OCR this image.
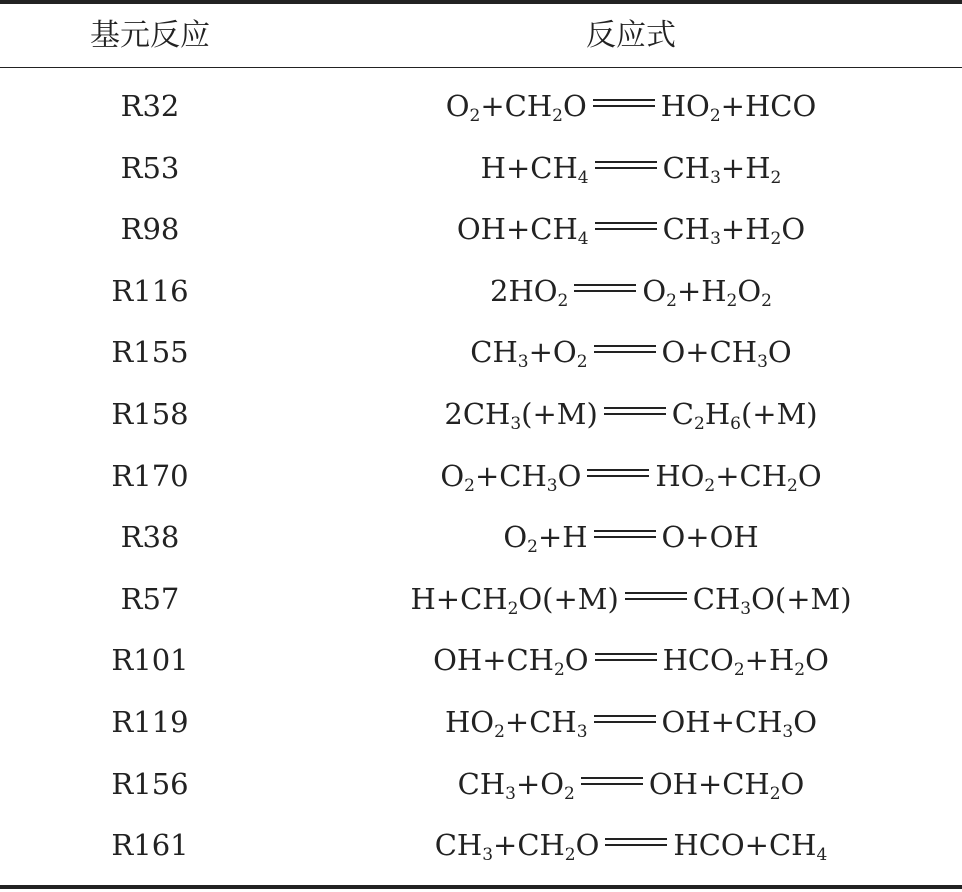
基元反应	反应式
R32	$O_2+CH_2O$	$HO_2+HCO$
R53	$H+CH_4$	$CH_3+H_2$
R98	$OH+CH_4$	$CH_3+H_2O$
R116	$2HO_2$	$O_2+H_2O_2$
R155	$CH_3+O_2$	$O+CH_3O$
R158	$2CH_3(+M)$	$C_2H_6(+M)$
R170	$O_2+CH_3O$	$HO_2+CH_2O$
R38	$O_2+H$	O+OH
R57	$H+CH_2O(+M)$	$CH_3O(+M)$
R101	$OH+CH_2O$	$HCO_2+H_2O$
R119	$HO_2+CH_3$	$OH+CH_3O$
R156	$CH_3+O_2$	$OH+CH_2O$
R161	$CH_3+CH_2O$	$HCO+CH_4$
